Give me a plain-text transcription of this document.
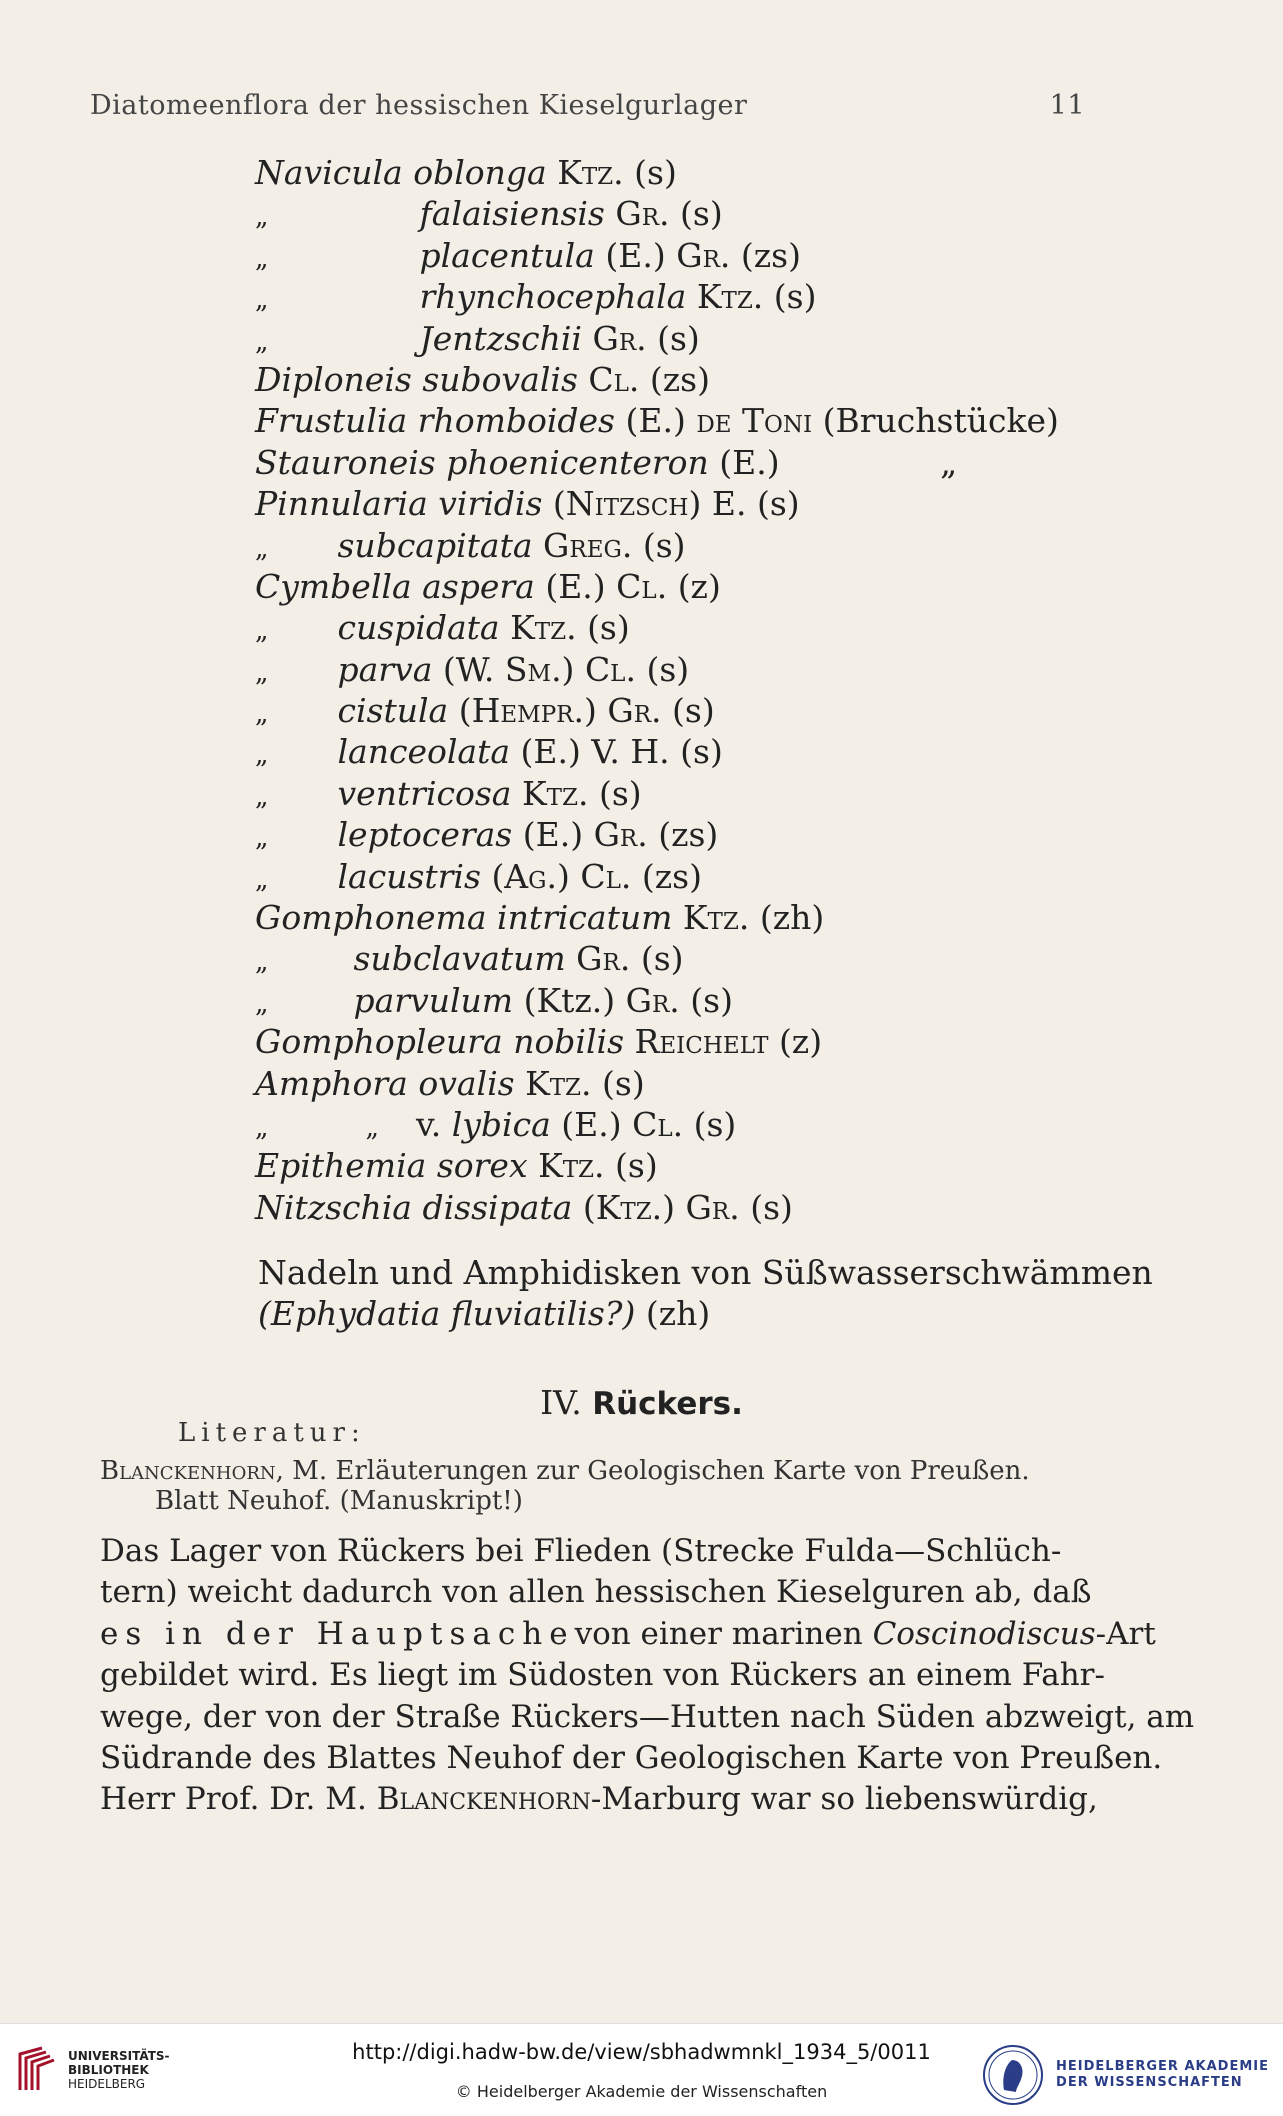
Diatomeenflora der hessischen Kieselgurlager	11
Navicula oblonga Ktz. (s)
„	falaisiensis Gr. (s)
„	placentula (E.) Gr. (zs)
„	rhynchocephala Ktz. (s)
„	Jentzschii Gr. (s)
Diploneis subovalis Cl. (zs)
Frustulia rhomboides (E.) de Toni (Bruchstücke)
Stauroneis phoenicenteron (E.)	„
Pinnularia viridis (Nitzsch) E. (s)
„ subcapitata Greg. (s)
Cymbella aspera (E.) Cl. (z)
„ cuspidata Ktz. (s)
„ parva (W. Sm.) Cl. (s)
„ cistula (Hempr.) Gr. (s)
„ lanceolata (E.) V. H. (s)
„ ventricosa Ktz. (s)
„ leptoceras (E.) Gr. (zs)
„ lacustris (Ag.) Cl. (zs)
Gomphonema intricatum Ktz. (zh)
„	subclavatum Gr. (s)
„	parvulum (Ktz.) Gr. (s)
Gomphopleura nobilis Reichelt (z)
Amphora ovalis Ktz. (s)
„	„ v. lybica (E.) Cl. (s)
Epithemia sorex Ktz. (s)
Nitzschia dissipata (Ktz.) Gr. (s)
Nadeln und Amphidisken von Süßwasserschwämmen
(Ephydatia fluviatilis?) (zh)
IV. Rückers.
Literatur:
Blanckenhorn, M. Erläuterungen zur Geologischen Karte von Preußen.
Blatt Neuhof. (Manuskript!)
Das Lager von Rückers bei Flieden (Strecke Fulda—Schlüch-
tern) weicht dadurch von allen hessischen Kieselguren ab, daß
es in der Hauptsache von einer marinen Coscinodiscus-Art
gebildet wird. Es liegt im Südosten von Rückers an einem Fahr-
wege, der von der Straße Rückers—Hutten nach Süden abzweigt, am
Südrande des Blattes Neuhof der Geologischen Karte von Preußen.
Herr Prof. Dr. M. Blanckenhorn-Marburg war so liebenswürdig,
UNIVERSITÄTS-
BIBLIOTHEK
HEIDELBERG
http://digi.hadw-bw.de/view/sbhadwmnkl_1934_5/0011
© Heidelberger Akademie der Wissenschaften
HEIDELBERGER AKADEMIE
DER WISSENSCHAFTEN
